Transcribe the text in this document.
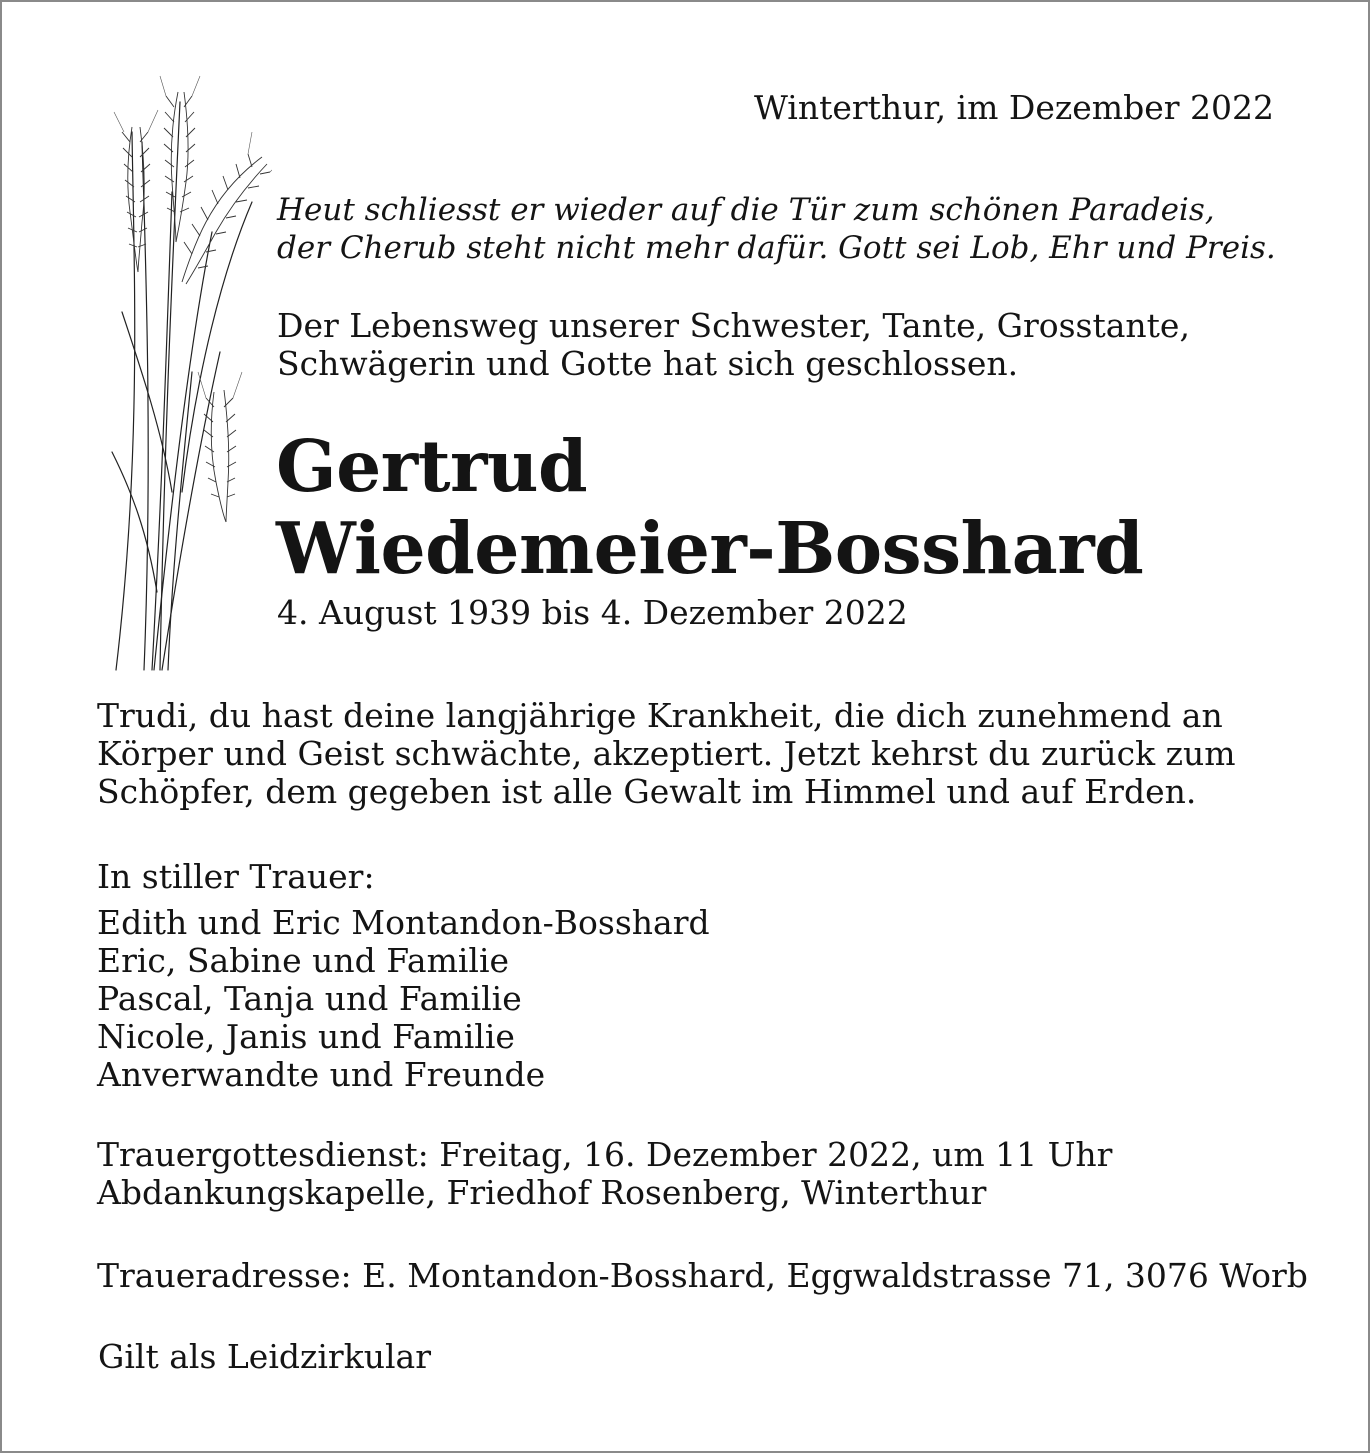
Winterthur, im Dezember 2022
Heut schliesst er wieder auf die Tür zum schönen Paradeis,
der Cherub steht nicht mehr dafür. Gott sei Lob, Ehr und Preis.
Der Lebensweg unserer Schwester, Tante, Grosstante,
Schwägerin und Gotte hat sich geschlossen.
Gertrud
Wiedemeier-Bosshard
4. August 1939 bis 4. Dezember 2022
Trudi, du hast deine langjährige Krankheit, die dich zunehmend an
Körper und Geist schwächte, akzeptiert. Jetzt kehrst du zurück zum
Schöpfer, dem gegeben ist alle Gewalt im Himmel und auf Erden.
In stiller Trauer:
Edith und Eric Montandon-Bosshard
Eric, Sabine und Familie
Pascal, Tanja und Familie
Nicole, Janis und Familie
Anverwandte und Freunde
Trauergottesdienst: Freitag, 16. Dezember 2022, um 11 Uhr
Abdankungskapelle, Friedhof Rosenberg, Winterthur
Traueradresse: E. Montandon-Bosshard, Eggwaldstrasse 71, 3076 Worb
Gilt als Leidzirkular
